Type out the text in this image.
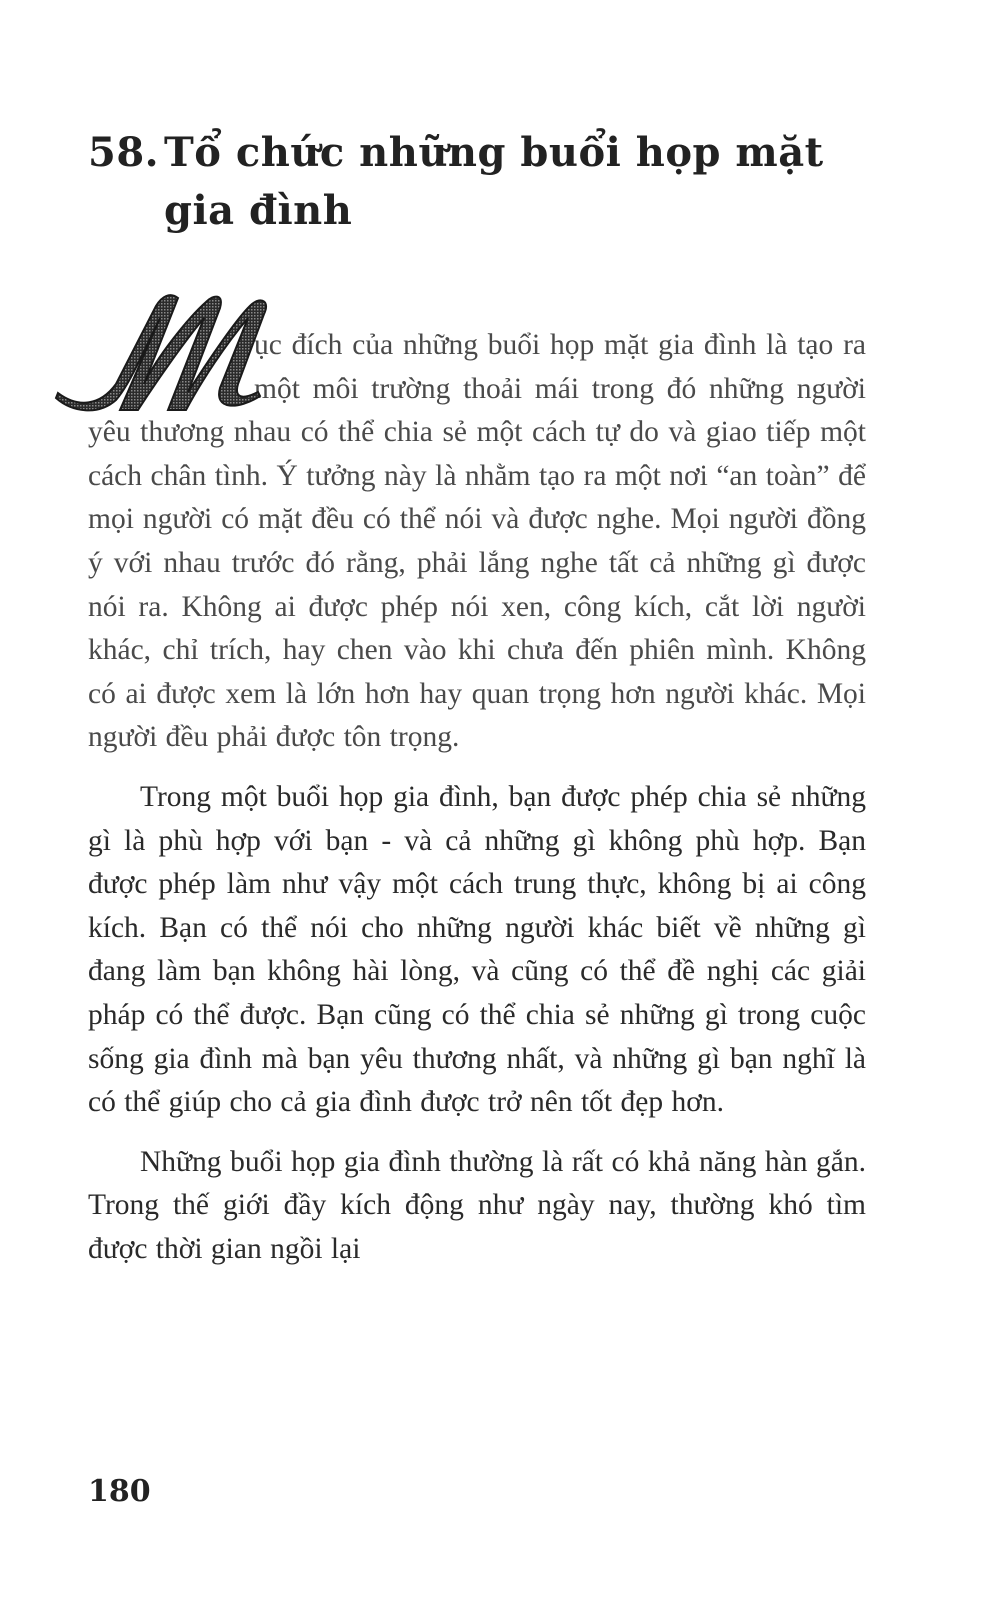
58. Tổ chức những buổi họp mặt
gia đình

ục đích của những buổi họp mặt gia đình là tạo ra một môi trường thoải mái trong đó những người yêu thương nhau có thể chia sẻ một cách tự do và giao tiếp một cách chân tình. Ý tưởng này là nhằm tạo ra một nơi “an toàn” để mọi người có mặt đều có thể nói và được nghe. Mọi người đồng ý với nhau trước đó rằng, phải lắng nghe tất cả những gì được nói ra. Không ai được phép nói xen, công kích, cắt lời người khác, chỉ trích, hay chen vào khi chưa đến phiên mình. Không có ai được xem là lớn hơn hay quan trọng hơn người khác. Mọi người đều phải được tôn trọng.

Trong một buổi họp gia đình, bạn được phép chia sẻ những gì là phù hợp với bạn - và cả những gì không phù hợp. Bạn được phép làm như vậy một cách trung thực, không bị ai công kích. Bạn có thể nói cho những người khác biết về những gì đang làm bạn không hài lòng, và cũng có thể đề nghị các giải pháp có thể được. Bạn cũng có thể chia sẻ những gì trong cuộc sống gia đình mà bạn yêu thương nhất, và những gì bạn nghĩ là có thể giúp cho cả gia đình được trở nên tốt đẹp hơn.

Những buổi họp gia đình thường là rất có khả năng hàn gắn. Trong thế giới đầy kích động như ngày nay, thường khó tìm được thời gian ngồi lại

180
